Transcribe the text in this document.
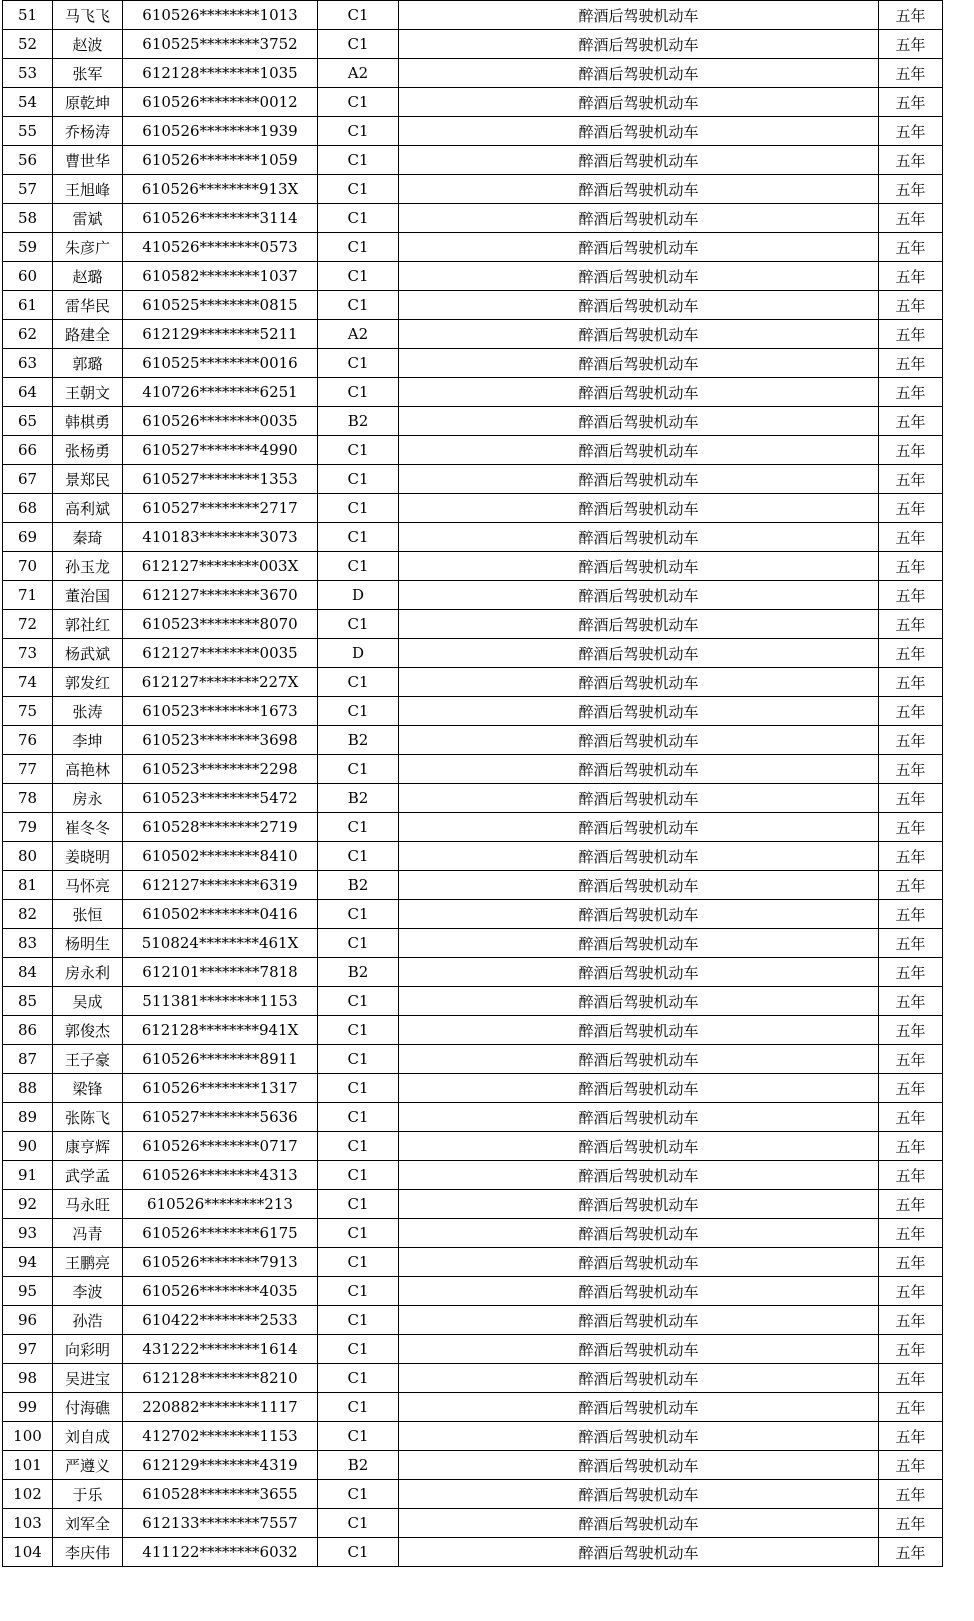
51	马飞飞	610526********1013	C1	醉酒后驾驶机动车	五年
52	赵波	610525********3752	C1	醉酒后驾驶机动车	五年
53	张军	612128********1035	A2	醉酒后驾驶机动车	五年
54	原乾坤	610526********0012	C1	醉酒后驾驶机动车	五年
55	乔杨涛	610526********1939	C1	醉酒后驾驶机动车	五年
56	曹世华	610526********1059	C1	醉酒后驾驶机动车	五年
57	王旭峰	610526********913X	C1	醉酒后驾驶机动车	五年
58	雷斌	610526********3114	C1	醉酒后驾驶机动车	五年
59	朱彦广	410526********0573	C1	醉酒后驾驶机动车	五年
60	赵璐	610582********1037	C1	醉酒后驾驶机动车	五年
61	雷华民	610525********0815	C1	醉酒后驾驶机动车	五年
62	路建全	612129********5211	A2	醉酒后驾驶机动车	五年
63	郭璐	610525********0016	C1	醉酒后驾驶机动车	五年
64	王朝文	410726********6251	C1	醉酒后驾驶机动车	五年
65	韩棋勇	610526********0035	B2	醉酒后驾驶机动车	五年
66	张杨勇	610527********4990	C1	醉酒后驾驶机动车	五年
67	景郑民	610527********1353	C1	醉酒后驾驶机动车	五年
68	高利斌	610527********2717	C1	醉酒后驾驶机动车	五年
69	秦琦	410183********3073	C1	醉酒后驾驶机动车	五年
70	孙玉龙	612127********003X	C1	醉酒后驾驶机动车	五年
71	董治国	612127********3670	D	醉酒后驾驶机动车	五年
72	郭社红	610523********8070	C1	醉酒后驾驶机动车	五年
73	杨武斌	612127********0035	D	醉酒后驾驶机动车	五年
74	郭发红	612127********227X	C1	醉酒后驾驶机动车	五年
75	张涛	610523********1673	C1	醉酒后驾驶机动车	五年
76	李坤	610523********3698	B2	醉酒后驾驶机动车	五年
77	高艳林	610523********2298	C1	醉酒后驾驶机动车	五年
78	房永	610523********5472	B2	醉酒后驾驶机动车	五年
79	崔冬冬	610528********2719	C1	醉酒后驾驶机动车	五年
80	姜晓明	610502********8410	C1	醉酒后驾驶机动车	五年
81	马怀亮	612127********6319	B2	醉酒后驾驶机动车	五年
82	张恒	610502********0416	C1	醉酒后驾驶机动车	五年
83	杨明生	510824********461X	C1	醉酒后驾驶机动车	五年
84	房永利	612101********7818	B2	醉酒后驾驶机动车	五年
85	吴成	511381********1153	C1	醉酒后驾驶机动车	五年
86	郭俊杰	612128********941X	C1	醉酒后驾驶机动车	五年
87	王子豪	610526********8911	C1	醉酒后驾驶机动车	五年
88	梁锋	610526********1317	C1	醉酒后驾驶机动车	五年
89	张陈飞	610527********5636	C1	醉酒后驾驶机动车	五年
90	康亨辉	610526********0717	C1	醉酒后驾驶机动车	五年
91	武学孟	610526********4313	C1	醉酒后驾驶机动车	五年
92	马永旺	610526********213	C1	醉酒后驾驶机动车	五年
93	冯青	610526********6175	C1	醉酒后驾驶机动车	五年
94	王鹏亮	610526********7913	C1	醉酒后驾驶机动车	五年
95	李波	610526********4035	C1	醉酒后驾驶机动车	五年
96	孙浩	610422********2533	C1	醉酒后驾驶机动车	五年
97	向彩明	431222********1614	C1	醉酒后驾驶机动车	五年
98	吴进宝	612128********8210	C1	醉酒后驾驶机动车	五年
99	付海礁	220882********1117	C1	醉酒后驾驶机动车	五年
100	刘自成	412702********1153	C1	醉酒后驾驶机动车	五年
101	严遵义	612129********4319	B2	醉酒后驾驶机动车	五年
102	于乐	610528********3655	C1	醉酒后驾驶机动车	五年
103	刘军全	612133********7557	C1	醉酒后驾驶机动车	五年
104	李庆伟	411122********6032	C1	醉酒后驾驶机动车	五年
